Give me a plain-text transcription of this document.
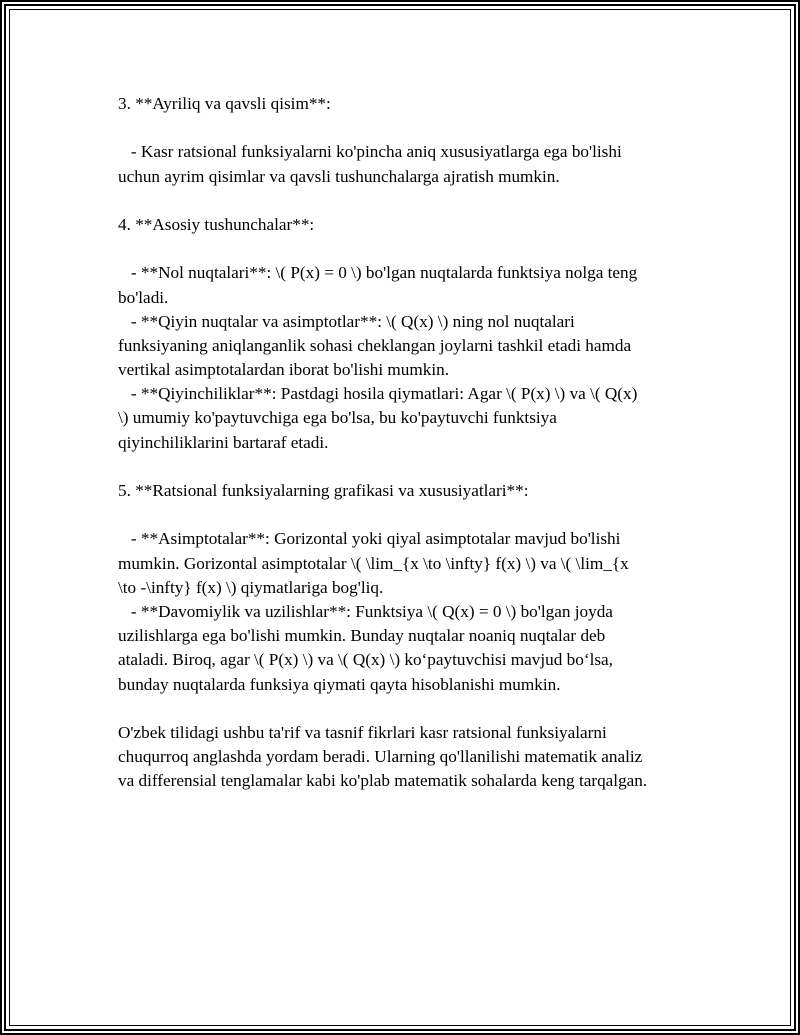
3. **Ayriliq va qavsli qisim**:
- Kasr ratsional funksiyalarni ko'pincha aniq xususiyatlarga ega bo'lishi
uchun ayrim qisimlar va qavsli tushunchalarga ajratish mumkin.
4. **Asosiy tushunchalar**:
- **Nol nuqtalari**: \( P(x) = 0 \) bo'lgan nuqtalarda funktsiya nolga teng
bo'ladi.
- **Qiyin nuqtalar va asimptotlar**: \( Q(x) \) ning nol nuqtalari
funksiyaning aniqlanganlik sohasi cheklangan joylarni tashkil etadi hamda
vertikal asimptotalardan iborat bo'lishi mumkin.
- **Qiyinchiliklar**: Pastdagi hosila qiymatlari: Agar \( P(x) \) va \( Q(x)
\) umumiy ko'paytuvchiga ega bo'lsa, bu ko'paytuvchi funktsiya
qiyinchiliklarini bartaraf etadi.
5. **Ratsional funksiyalarning grafikasi va xususiyatlari**:
- **Asimptotalar**: Gorizontal yoki qiyal asimptotalar mavjud bo'lishi
mumkin. Gorizontal asimptotalar \( \lim_{x \to \infty} f(x) \) va \( \lim_{x
\to -\infty} f(x) \) qiymatlariga bog'liq.
- **Davomiylik va uzilishlar**: Funktsiya \( Q(x) = 0 \) bo'lgan joyda
uzilishlarga ega bo'lishi mumkin. Bunday nuqtalar noaniq nuqtalar deb
ataladi. Biroq, agar \( P(x) \) va \( Q(x) \) ko‘paytuvchisi mavjud bo‘lsa,
bunday nuqtalarda funksiya qiymati qayta hisoblanishi mumkin.
O'zbek tilidagi ushbu ta'rif va tasnif fikrlari kasr ratsional funksiyalarni
chuqurroq anglashda yordam beradi. Ularning qo'llanilishi matematik analiz
va differensial tenglamalar kabi ko'plab matematik sohalarda keng tarqalgan.
